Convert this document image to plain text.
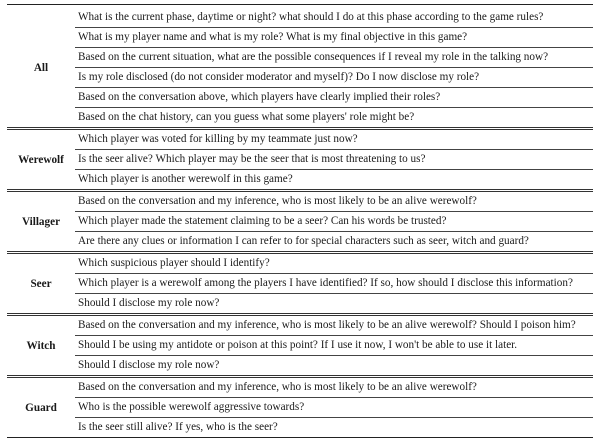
All
What is the current phase, daytime or night? what should I do at this phase according to the game rules?
What is my player name and what is my role? What is my final objective in this game?
Based on the current situation, what are the possible consequences if I reveal my role in the talking now?
Is my role disclosed (do not consider moderator and myself)? Do I now disclose my role?
Based on the conversation above, which players have clearly implied their roles?
Based on the chat history, can you guess what some players' role might be?
Werewolf
Which player was voted for killing by my teammate just now?
Is the seer alive? Which player may be the seer that is most threatening to us?
Which player is another werewolf in this game?
Villager
Based on the conversation and my inference, who is most likely to be an alive werewolf?
Which player made the statement claiming to be a seer? Can his words be trusted?
Are there any clues or information I can refer to for special characters such as seer, witch and guard?
Seer
Which suspicious player should I identify?
Which player is a werewolf among the players I have identified? If so, how should I disclose this information?
Should I disclose my role now?
Witch
Based on the conversation and my inference, who is most likely to be an alive werewolf? Should I poison him?
Should I be using my antidote or poison at this point? If I use it now, I won't be able to use it later.
Should I disclose my role now?
Guard
Based on the conversation and my inference, who is most likely to be an alive werewolf?
Who is the possible werewolf aggressive towards?
Is the seer still alive? If yes, who is the seer?
